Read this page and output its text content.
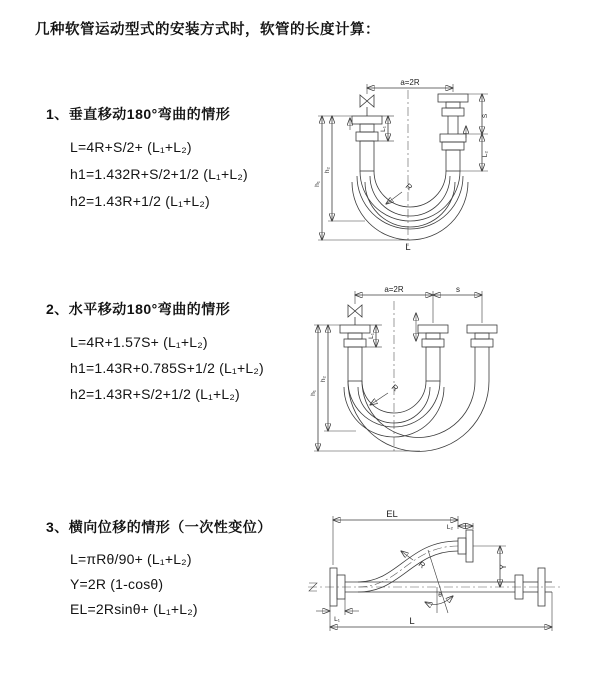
几种软管运动型式的安装方式时，软管的长度计算：
1、垂直移动180°弯曲的情形
L=4R+S/2+ (L₁+L₂)
h1=1.432R+S/2+1/2 (L₁+L₂)
h2=1.43R+1/2 (L₁+L₂)
2、水平移动180°弯曲的情形
L=4R+1.57S+ (L₁+L₂)
h1=1.43R+0.785S+1/2 (L₁+L₂)
h2=1.43R+S/2+1/2 (L₁+L₂)
3、横向位移的情形（一次性变位）
L=πRθ/90+ (L₁+L₂)
Y=2R (1-cosθ)
EL=2Rsinθ+ (L₁+L₂)
a=2R
R
h₁
h₂
L₁
S
L₂
L
a=2R	s
R
h₁
h₂
L₁
EL
L₂
Y
R
θ
L₁	L
